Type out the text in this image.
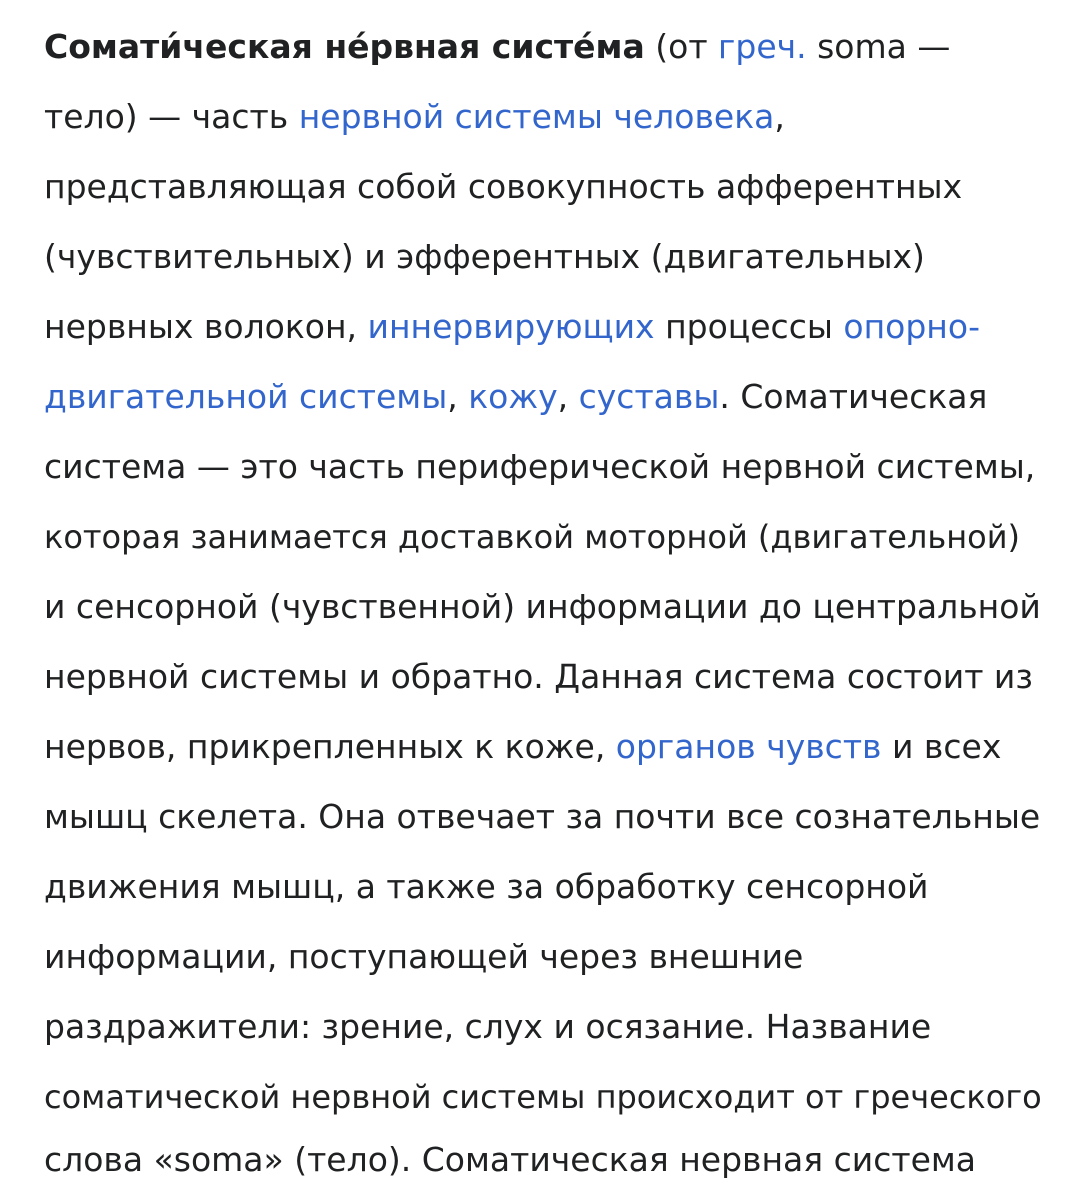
Сомати́ческая не́рвная систе́ма (от греч. soma —
тело) — часть нервной системы человека,
представляющая собой совокупность афферентных
(чувствительных) и эфферентных (двигательных)
нервных волокон, иннервирующих процессы опорно-
двигательной системы, кожу, суставы. Соматическая
система — это часть периферической нервной системы,
которая занимается доставкой моторной (двигательной)
и сенсорной (чувственной) информации до центральной
нервной системы и обратно. Данная система состоит из
нервов, прикрепленных к коже, органов чувств и всех
мышц скелета. Она отвечает за почти все сознательные
движения мышц, а также за обработку сенсорной
информации, поступающей через внешние
раздражители: зрение, слух и осязание. Название
соматической нервной системы происходит от греческого
слова «soma» (тело). Соматическая нервная система
